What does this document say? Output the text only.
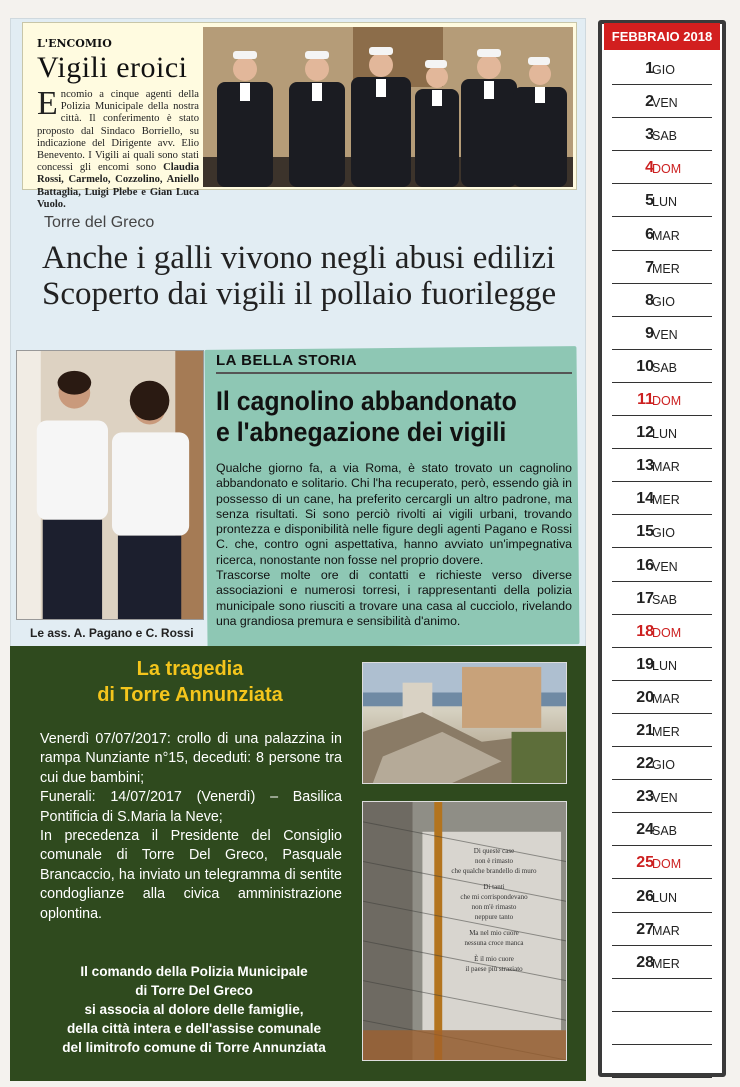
L'ENCOMIO
Vigili eroici
Encomio a cinque agenti della Polizia Municipale della nostra città. Il conferimento è stato proposto dal Sindaco Borriello, su indicazione del Dirigente avv. Elio Benevento. I Vigili ai quali sono stati concessi gli encomi sono Claudia Rossi, Carmelo, Cozzolino, Aniello Battaglia, Luigi Plebe e Gian Luca Vuolo.
Torre del Greco
Anche i galli vivono negli abusi edilizi
Scoperto dai vigili il pollaio fuorilegge
LA BELLA STORIA
Il cagnolino abbandonato
e l'abnegazione dei vigili
Qualche giorno fa, a via Roma, è stato trovato un cagnolino abbandonato e solitario. Chi l'ha recuperato, però, essendo già in possesso di un cane, ha preferito cercargli un altro padrone, ma senza risultati. Si sono perciò rivolti ai vigili urbani, trovando prontezza e disponibilità nelle figure degli agenti Pagano e Rossi C. che, contro ogni aspettativa, hanno avviato un'impegnativa ricerca, nonostante non fosse nel proprio dovere.
Trascorse molte ore di contatti e richieste verso diverse associazioni e numerosi torresi, i rappresentanti della polizia municipale sono riusciti a trovare una casa al cucciolo, rivelando una grandiosa premura e sensibilità d'animo.
Le ass. A. Pagano e C. Rossi
La tragedia
di Torre Annunziata
Venerdì 07/07/2017: crollo di una palazzina in rampa Nunziante n°15, deceduti: 8 persone tra cui due bambini;
Funerali: 14/07/2017 (Venerdì) – Basilica Pontificia di S.Maria la Neve;
In precedenza il Presidente del Consiglio comunale di Torre Del Greco, Pasquale Brancaccio, ha inviato un telegramma di sentite condoglianze alla civica amministrazione oplontina.
Il comando della Polizia Municipale
di Torre Del Greco
si associa al dolore delle famiglie,
della città intera e dell'assise comunale
del limitrofo comune di Torre Annunziata
Di queste case
non è rimasto
che qualche brandello di muro
Di tanti
che mi corrispondevano
non m'è rimasto
neppure tanto
Ma nel mio cuore
nessuna croce manca
È il mio cuore
il paese più straziato
FEBBRAIO 2018
1
GIO
2
VEN
3
SAB
4
DOM
5
LUN
6
MAR
7
MER
8
GIO
9
VEN
10
SAB
11
DOM
12
LUN
13
MAR
14
MER
15
GIO
16
VEN
17
SAB
18
DOM
19
LUN
20
MAR
21
MER
22
GIO
23
VEN
24
SAB
25
DOM
26
LUN
27
MAR
28
MER
